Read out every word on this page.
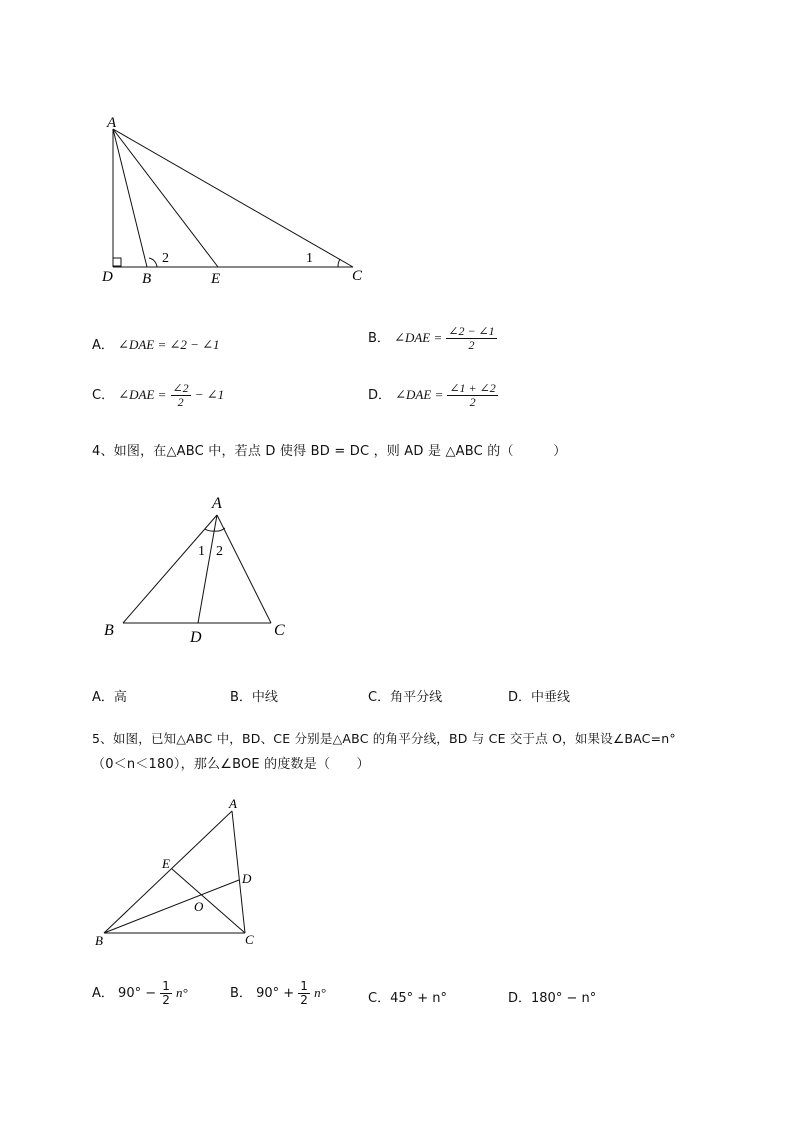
A
D B	E	C
2	1
A． ∠DAE = ∠2 − ∠1	B． ∠DAE = $\frac{\angle 2 - \angle 1}{2}$
C． ∠DAE = $\frac{\angle 2}{2}$ − ∠1	D． ∠DAE = $\frac{\angle 1 + \angle 2}{2}$
4、如图，在△ABC 中，若点 D 使得 BD = DC ，则 AD 是 △ABC 的（　　　）
A
B	C
D
1 2
A．高	B．中线	C．角平分线	D．中垂线
5、如图，已知△ABC 中，BD、CE 分别是△ABC 的角平分线，BD 与 CE 交于点 O，如果设∠BAC=n°
（0＜n＜180），那么∠BOE 的度数是（　　）
A
E
D
O
B	C
A． $90^\circ - \frac{1}{2} n^\circ$	B． $90^\circ + \frac{1}{2} n^\circ$	C．45° + n°	D．180° − n°
